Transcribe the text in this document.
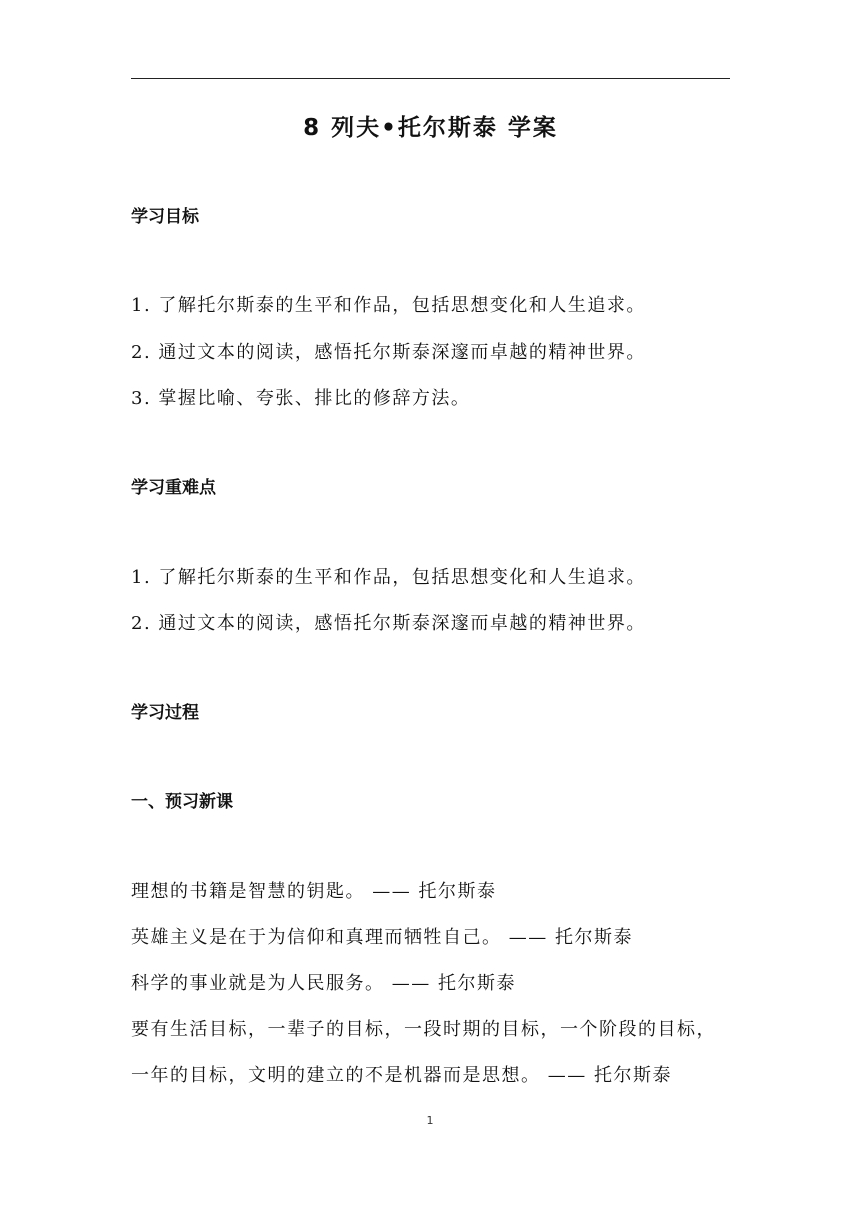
8 列夫•托尔斯泰 学案
学习目标
1. 了解托尔斯泰的生平和作品，包括思想变化和人生追求。
2. 通过文本的阅读，感悟托尔斯泰深邃而卓越的精神世界。
3. 掌握比喻、夸张、排比的修辞方法。
学习重难点
1. 了解托尔斯泰的生平和作品，包括思想变化和人生追求。
2. 通过文本的阅读，感悟托尔斯泰深邃而卓越的精神世界。
学习过程
一、预习新课
理想的书籍是智慧的钥匙。 —— 托尔斯泰
英雄主义是在于为信仰和真理而牺牲自己。 —— 托尔斯泰
科学的事业就是为人民服务。 —— 托尔斯泰
要有生活目标，一辈子的目标，一段时期的目标，一个阶段的目标，
一年的目标，文明的建立的不是机器而是思想。 —— 托尔斯泰
1
